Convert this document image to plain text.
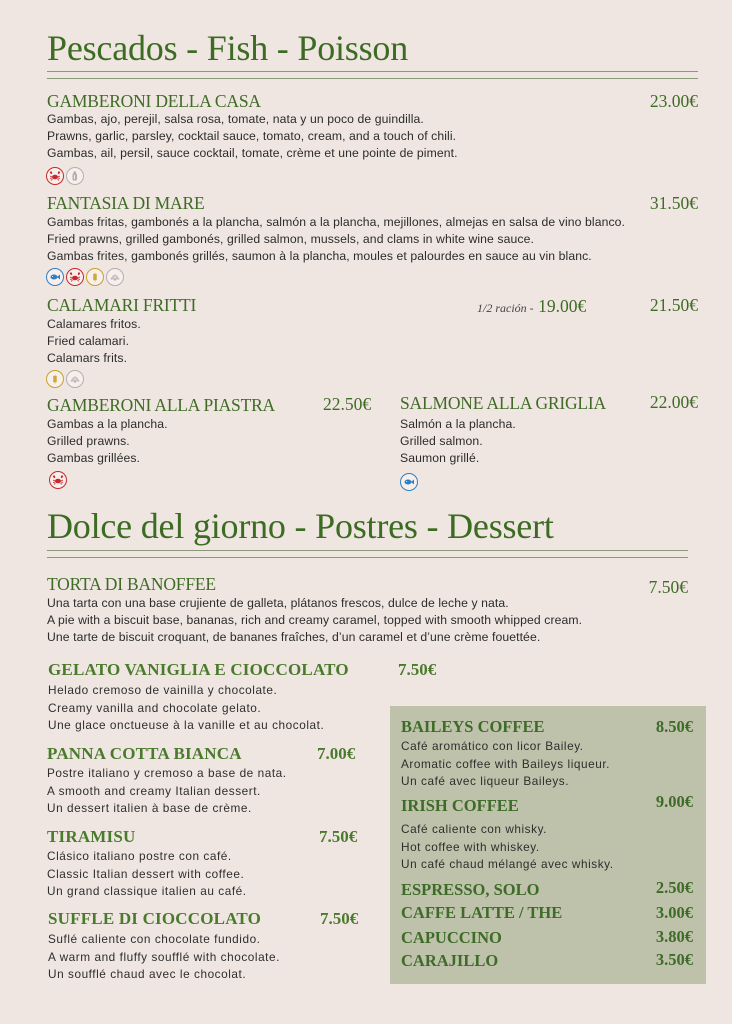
Pescados - Fish - Poisson
GAMBERONI DELLA CASA	23.00€
Gambas, ajo, perejil, salsa rosa, tomate, nata y un poco de guindilla.
Prawns, garlic, parsley, cocktail sauce, tomato, cream, and a touch of chili.
Gambas, ail, persil, sauce cocktail, tomate, crème et une pointe de piment.
FANTASIA DI MARE	31.50€
Gambas fritas, gambonés a la plancha, salmón a la plancha, mejillones, almejas en salsa de vino blanco.
Fried prawns, grilled gambonés, grilled salmon, mussels, and clams in white wine sauce.
Gambas frites, gambonés grillés, saumon à la plancha, moules et palourdes en sauce au vin blanc.
CALAMARI FRITTI	1/2 ración - 19.00€	21.50€
Calamares fritos.
Fried calamari.
Calamars frits.
GAMBERONI ALLA PIASTRA	22.50€
Gambas a la plancha.
Grilled prawns.
Gambas grillées.
SALMONE ALLA GRIGLIA	22.00€
Salmón a la plancha.
Grilled salmon.
Saumon grillé.
Dolce del giorno - Postres - Dessert
TORTA DI BANOFFEE	7.50€
Una tarta con una base crujiente de galleta, plátanos frescos, dulce de leche y nata.
A pie with a biscuit base, bananas, rich and creamy caramel, topped with smooth whipped cream.
Une tarte de biscuit croquant, de bananes fraîches, d’un caramel et d’une crème fouettée.
GELATO VANIGLIA E CIOCCOLATO	7.50€
Helado cremoso de vainilla y chocolate.
Creamy vanilla and chocolate gelato.
Une glace onctueuse à la vanille et au chocolat.
PANNA COTTA BIANCA	7.00€
Postre italiano y cremoso a base de nata.
A smooth and creamy Italian dessert.
Un dessert italien à base de crème.
TIRAMISU	7.50€
Clásico italiano postre con café.
Classic Italian dessert with coffee.
Un grand classique italien au café.
SUFFLE DI CIOCCOLATO	7.50€
Suflé caliente con chocolate fundido.
A warm and fluffy soufflé with chocolate.
Un soufflé chaud avec le chocolat.
BAILEYS COFFEE	8.50€
Café aromático con licor Bailey.
Aromatic coffee with Baileys liqueur.
Un café avec liqueur Baileys.
IRISH COFFEE	9.00€
Café caliente con whisky.
Hot coffee with whiskey.
Un café chaud mélangé avec whisky.
ESPRESSO, SOLO	2.50€
CAFFE LATTE / THE	3.00€
CAPUCCINO	3.80€
CARAJILLO	3.50€
